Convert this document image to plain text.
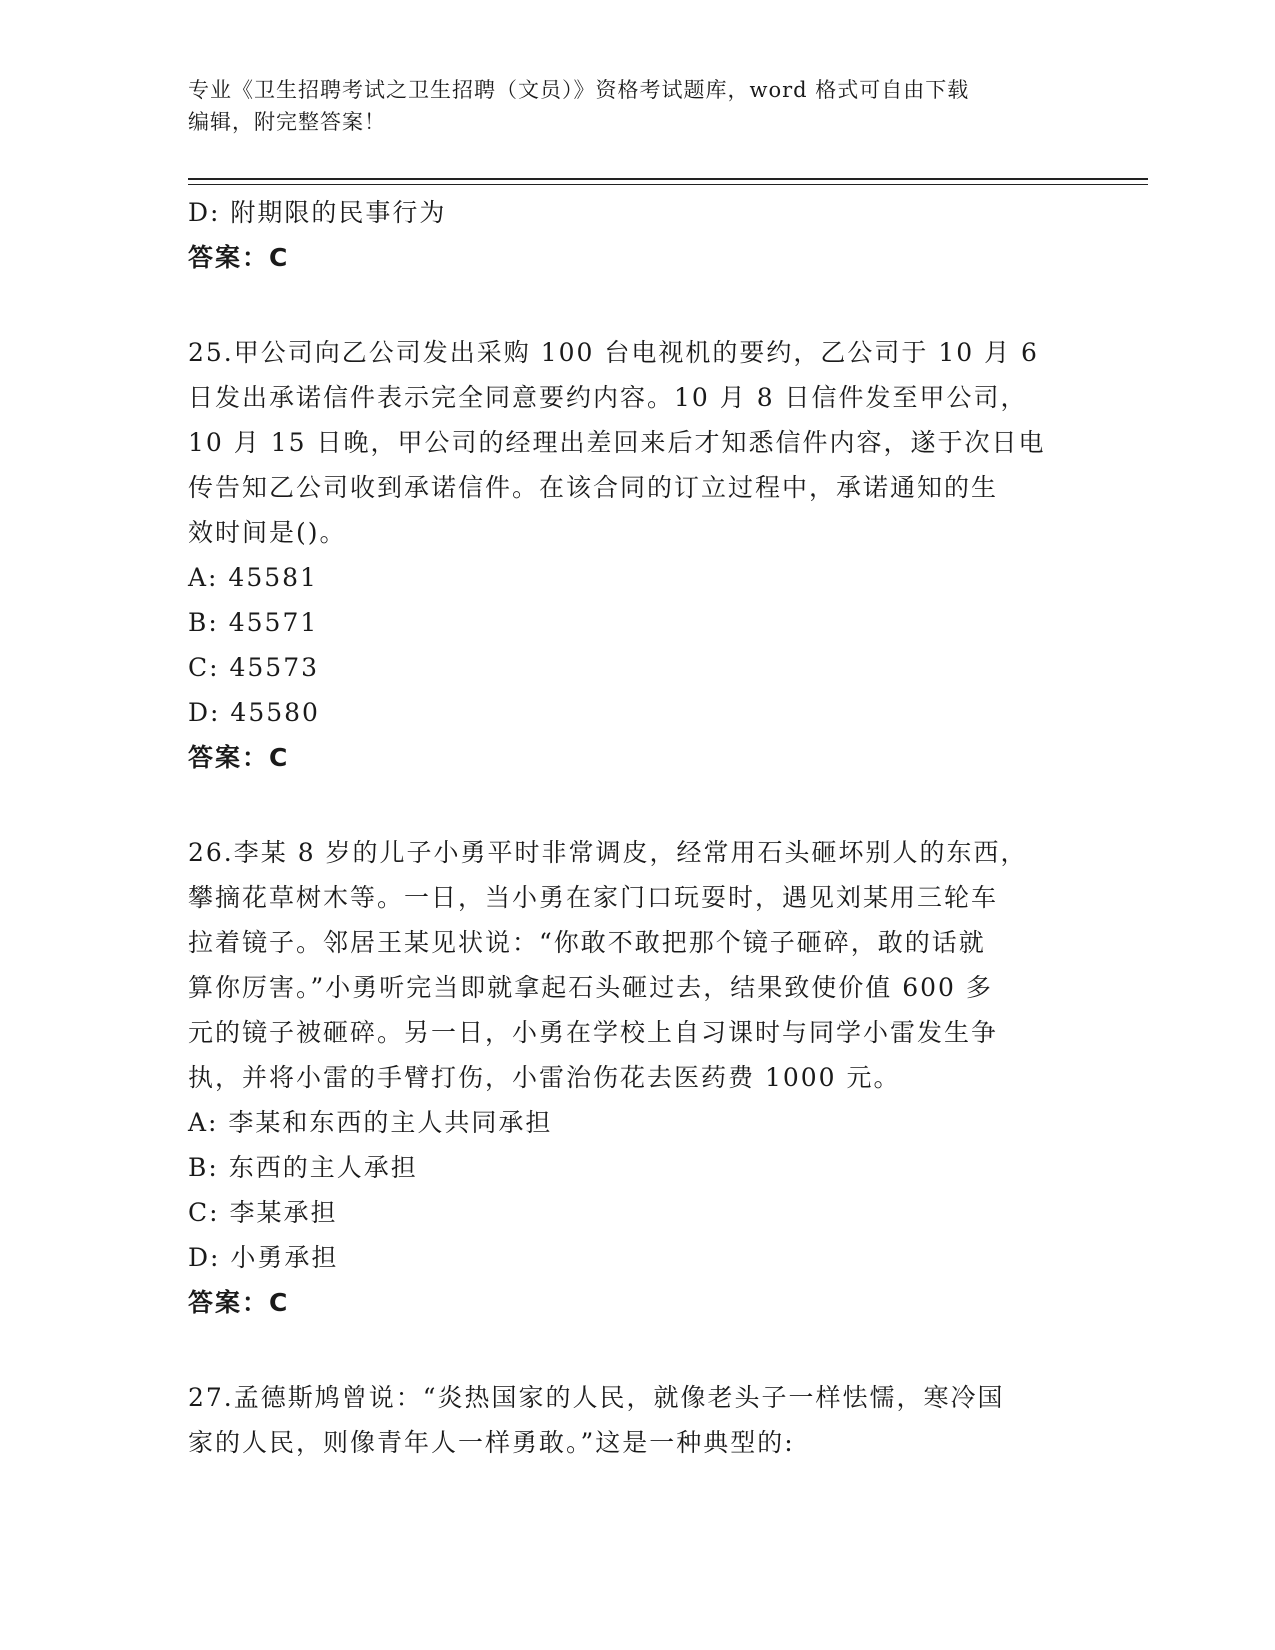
专业《卫生招聘考试之卫生招聘（文员）》资格考试题库，word 格式可自由下载
编辑，附完整答案！
D: 附期限的民事行为
答案：C
25.甲公司向乙公司发出采购 100 台电视机的要约，乙公司于 10 月 6
日发出承诺信件表示完全同意要约内容。10 月 8 日信件发至甲公司，
10 月 15 日晚，甲公司的经理出差回来后才知悉信件内容，遂于次日电
传告知乙公司收到承诺信件。在该合同的订立过程中，承诺通知的生
效时间是()。
A: 45581
B: 45571
C: 45573
D: 45580
答案：C
26.李某 8 岁的儿子小勇平时非常调皮，经常用石头砸坏别人的东西，
攀摘花草树木等。一日，当小勇在家门口玩耍时，遇见刘某用三轮车
拉着镜子。邻居王某见状说：“你敢不敢把那个镜子砸碎，敢的话就
算你厉害。”小勇听完当即就拿起石头砸过去，结果致使价值 600 多
元的镜子被砸碎。另一日，小勇在学校上自习课时与同学小雷发生争
执，并将小雷的手臂打伤，小雷治伤花去医药费 1000 元。
A: 李某和东西的主人共同承担
B: 东西的主人承担
C: 李某承担
D: 小勇承担
答案：C
27.孟德斯鸠曾说：“炎热国家的人民，就像老头子一样怯懦，寒冷国
家的人民，则像青年人一样勇敢。”这是一种典型的:
